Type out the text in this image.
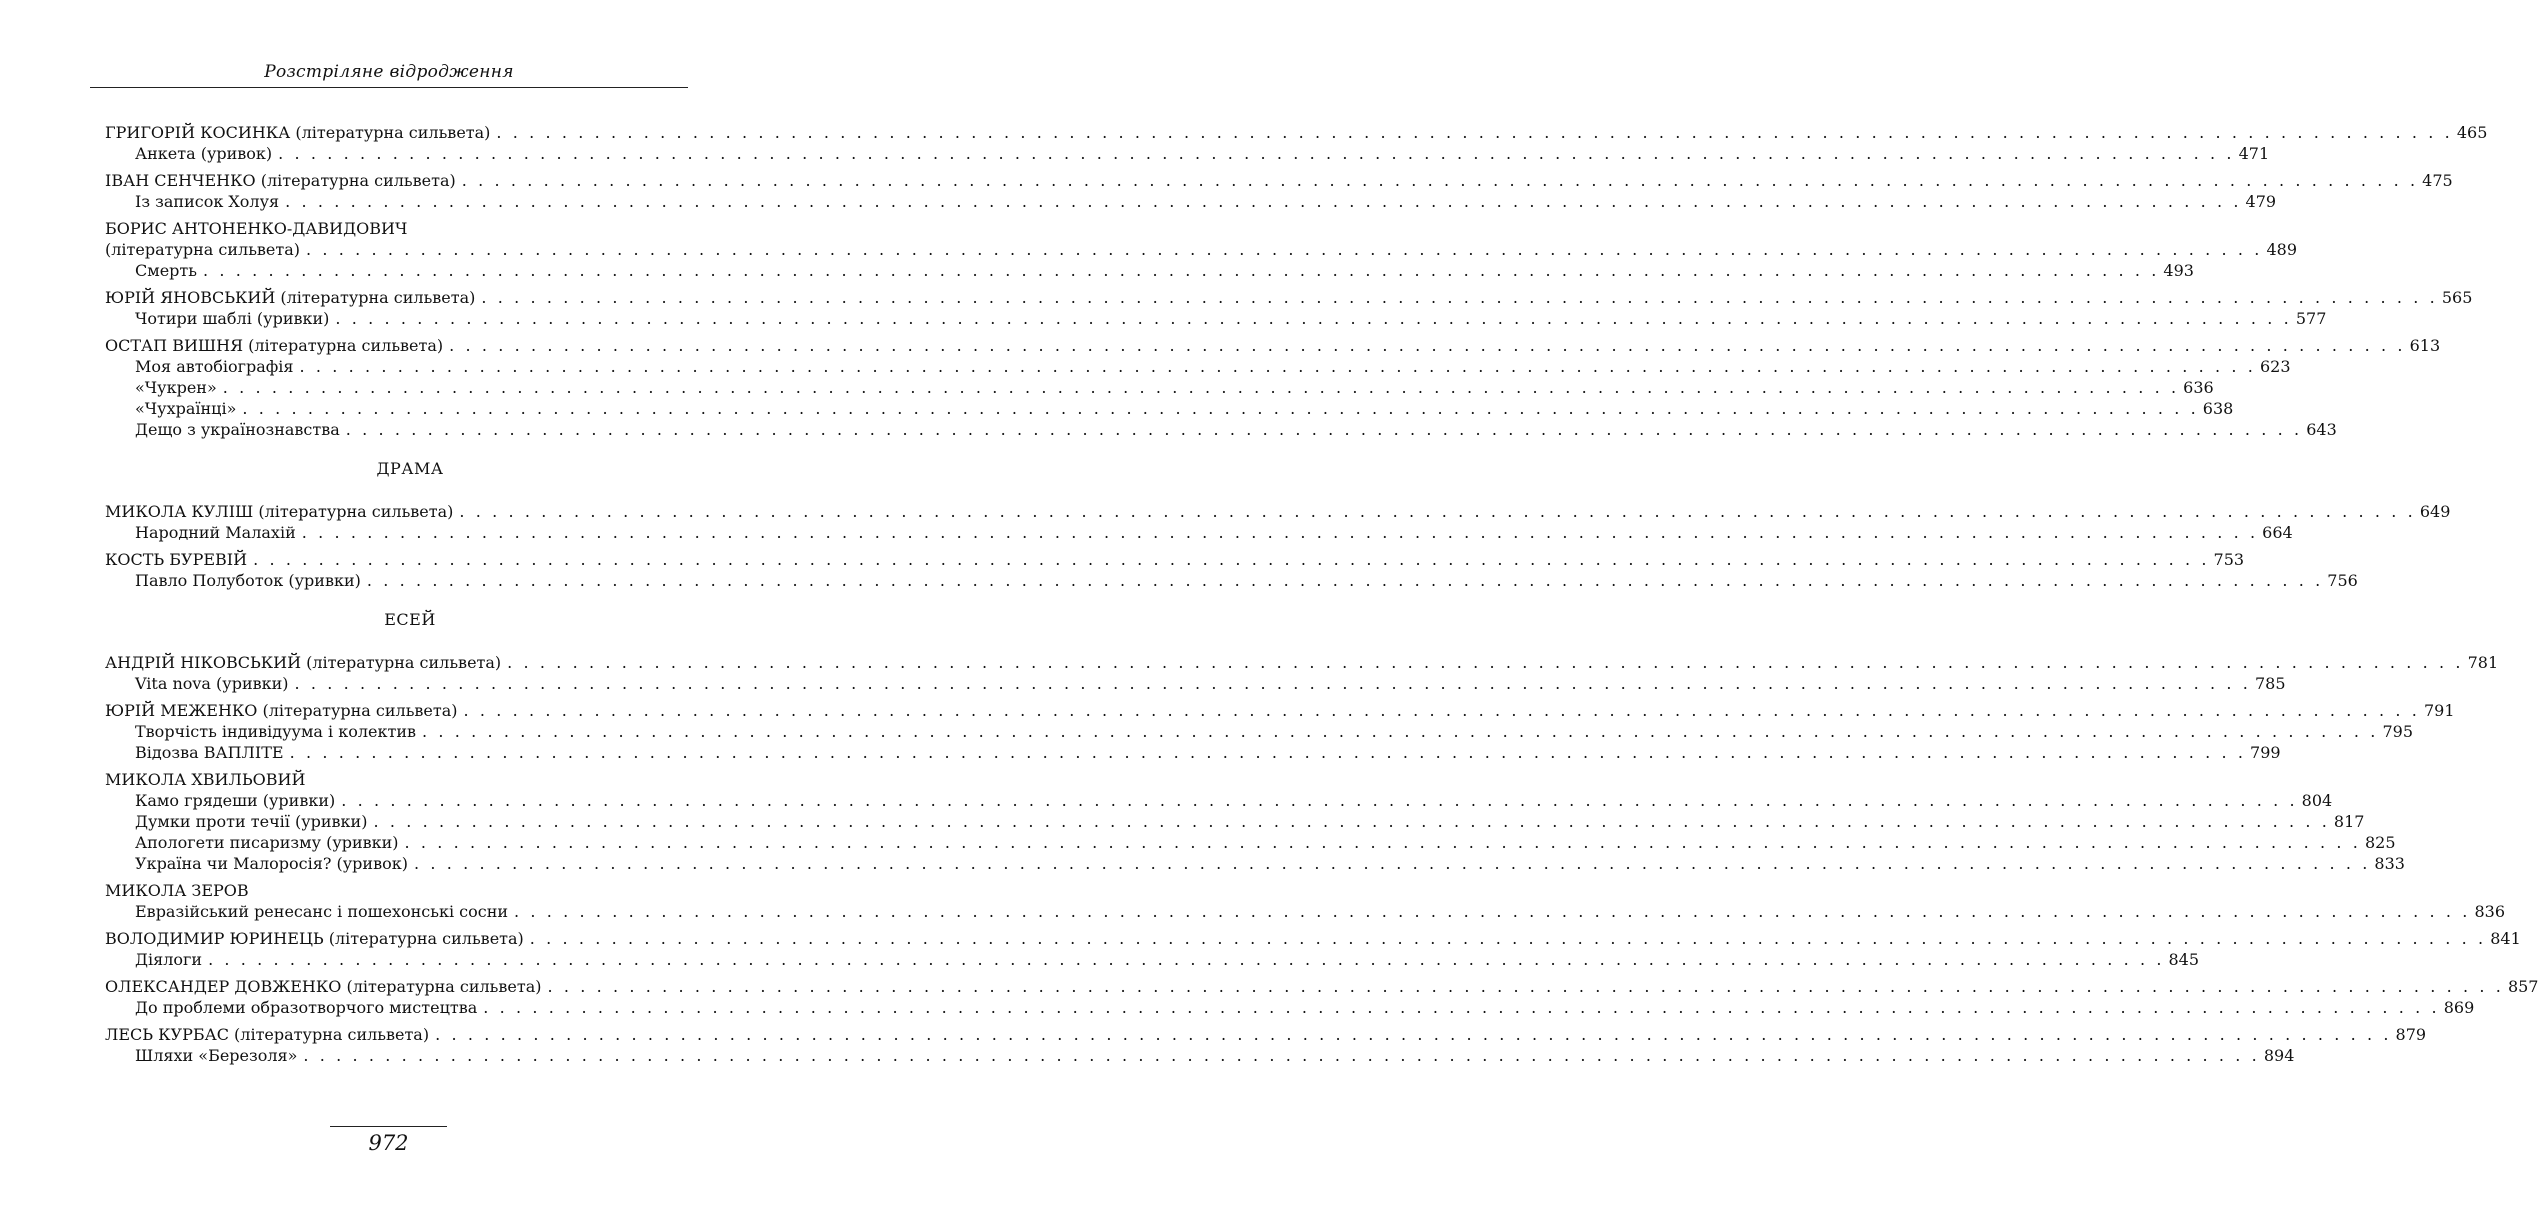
Розстріляне відродження
ГРИГОРІЙ КОСИНКА (літературна сильвета) . . . . . . . . . . . . . . . . . . . . . . . . . . . . . . . . . . . . . . . . . . . . . . . . . . . . . . . . . . . . . . . . . . . . . . . . . . . . . . . . . . . . . . . . . . . . . . . . . . . . . . . . . . . . . . . . . . . . . . . . 465
Анкета (уривок) . . . . . . . . . . . . . . . . . . . . . . . . . . . . . . . . . . . . . . . . . . . . . . . . . . . . . . . . . . . . . . . . . . . . . . . . . . . . . . . . . . . . . . . . . . . . . . . . . . . . . . . . . . . . . . . . . . . . . . . . 471
ІВАН СЕНЧЕНКО (літературна сильвета) . . . . . . . . . . . . . . . . . . . . . . . . . . . . . . . . . . . . . . . . . . . . . . . . . . . . . . . . . . . . . . . . . . . . . . . . . . . . . . . . . . . . . . . . . . . . . . . . . . . . . . . . . . . . . . . . . . . . . . . . 475
Із записок Холуя . . . . . . . . . . . . . . . . . . . . . . . . . . . . . . . . . . . . . . . . . . . . . . . . . . . . . . . . . . . . . . . . . . . . . . . . . . . . . . . . . . . . . . . . . . . . . . . . . . . . . . . . . . . . . . . . . . . . . . . . 479
БОРИС АНТОНЕНКО-ДАВИДОВИЧ
(літературна сильвета) . . . . . . . . . . . . . . . . . . . . . . . . . . . . . . . . . . . . . . . . . . . . . . . . . . . . . . . . . . . . . . . . . . . . . . . . . . . . . . . . . . . . . . . . . . . . . . . . . . . . . . . . . . . . . . . . . . . . . . . . 489
Смерть . . . . . . . . . . . . . . . . . . . . . . . . . . . . . . . . . . . . . . . . . . . . . . . . . . . . . . . . . . . . . . . . . . . . . . . . . . . . . . . . . . . . . . . . . . . . . . . . . . . . . . . . . . . . . . . . . . . . . . . . 493
ЮРІЙ ЯНОВСЬКИЙ (літературна сильвета) . . . . . . . . . . . . . . . . . . . . . . . . . . . . . . . . . . . . . . . . . . . . . . . . . . . . . . . . . . . . . . . . . . . . . . . . . . . . . . . . . . . . . . . . . . . . . . . . . . . . . . . . . . . . . . . . . . . . . . . . 565
Чотири шаблі (уривки) . . . . . . . . . . . . . . . . . . . . . . . . . . . . . . . . . . . . . . . . . . . . . . . . . . . . . . . . . . . . . . . . . . . . . . . . . . . . . . . . . . . . . . . . . . . . . . . . . . . . . . . . . . . . . . . . . . . . . . . . 577
ОСТАП ВИШНЯ (літературна сильвета) . . . . . . . . . . . . . . . . . . . . . . . . . . . . . . . . . . . . . . . . . . . . . . . . . . . . . . . . . . . . . . . . . . . . . . . . . . . . . . . . . . . . . . . . . . . . . . . . . . . . . . . . . . . . . . . . . . . . . . . . 613
Моя автобіографія . . . . . . . . . . . . . . . . . . . . . . . . . . . . . . . . . . . . . . . . . . . . . . . . . . . . . . . . . . . . . . . . . . . . . . . . . . . . . . . . . . . . . . . . . . . . . . . . . . . . . . . . . . . . . . . . . . . . . . . . 623
«Чукрен» . . . . . . . . . . . . . . . . . . . . . . . . . . . . . . . . . . . . . . . . . . . . . . . . . . . . . . . . . . . . . . . . . . . . . . . . . . . . . . . . . . . . . . . . . . . . . . . . . . . . . . . . . . . . . . . . . . . . . . . . 636
«Чухраїнці» . . . . . . . . . . . . . . . . . . . . . . . . . . . . . . . . . . . . . . . . . . . . . . . . . . . . . . . . . . . . . . . . . . . . . . . . . . . . . . . . . . . . . . . . . . . . . . . . . . . . . . . . . . . . . . . . . . . . . . . . 638
Дещо з українознавства . . . . . . . . . . . . . . . . . . . . . . . . . . . . . . . . . . . . . . . . . . . . . . . . . . . . . . . . . . . . . . . . . . . . . . . . . . . . . . . . . . . . . . . . . . . . . . . . . . . . . . . . . . . . . . . . . . . . . . . . 643
ДРАМА
МИКОЛА КУЛІШ (літературна сильвета) . . . . . . . . . . . . . . . . . . . . . . . . . . . . . . . . . . . . . . . . . . . . . . . . . . . . . . . . . . . . . . . . . . . . . . . . . . . . . . . . . . . . . . . . . . . . . . . . . . . . . . . . . . . . . . . . . . . . . . . . 649
Народний Малахій . . . . . . . . . . . . . . . . . . . . . . . . . . . . . . . . . . . . . . . . . . . . . . . . . . . . . . . . . . . . . . . . . . . . . . . . . . . . . . . . . . . . . . . . . . . . . . . . . . . . . . . . . . . . . . . . . . . . . . . . 664
КОСТЬ БУРЕВІЙ . . . . . . . . . . . . . . . . . . . . . . . . . . . . . . . . . . . . . . . . . . . . . . . . . . . . . . . . . . . . . . . . . . . . . . . . . . . . . . . . . . . . . . . . . . . . . . . . . . . . . . . . . . . . . . . . . . . . . . . . 753
Павло Полуботок (уривки) . . . . . . . . . . . . . . . . . . . . . . . . . . . . . . . . . . . . . . . . . . . . . . . . . . . . . . . . . . . . . . . . . . . . . . . . . . . . . . . . . . . . . . . . . . . . . . . . . . . . . . . . . . . . . . . . . . . . . . . . 756
ЕСЕЙ
АНДРІЙ НІКОВСЬКИЙ (літературна сильвета) . . . . . . . . . . . . . . . . . . . . . . . . . . . . . . . . . . . . . . . . . . . . . . . . . . . . . . . . . . . . . . . . . . . . . . . . . . . . . . . . . . . . . . . . . . . . . . . . . . . . . . . . . . . . . . . . . . . . . . . . 781
Vita nova (уривки) . . . . . . . . . . . . . . . . . . . . . . . . . . . . . . . . . . . . . . . . . . . . . . . . . . . . . . . . . . . . . . . . . . . . . . . . . . . . . . . . . . . . . . . . . . . . . . . . . . . . . . . . . . . . . . . . . . . . . . . . 785
ЮРІЙ МЕЖЕНКО (літературна сильвета) . . . . . . . . . . . . . . . . . . . . . . . . . . . . . . . . . . . . . . . . . . . . . . . . . . . . . . . . . . . . . . . . . . . . . . . . . . . . . . . . . . . . . . . . . . . . . . . . . . . . . . . . . . . . . . . . . . . . . . . . 791
Творчість індивідуума і колектив . . . . . . . . . . . . . . . . . . . . . . . . . . . . . . . . . . . . . . . . . . . . . . . . . . . . . . . . . . . . . . . . . . . . . . . . . . . . . . . . . . . . . . . . . . . . . . . . . . . . . . . . . . . . . . . . . . . . . . . . 795
Відозва ВАПЛІТЕ . . . . . . . . . . . . . . . . . . . . . . . . . . . . . . . . . . . . . . . . . . . . . . . . . . . . . . . . . . . . . . . . . . . . . . . . . . . . . . . . . . . . . . . . . . . . . . . . . . . . . . . . . . . . . . . . . . . . . . . . 799
МИКОЛА ХВИЛЬОВИЙ
Камо грядеши (уривки) . . . . . . . . . . . . . . . . . . . . . . . . . . . . . . . . . . . . . . . . . . . . . . . . . . . . . . . . . . . . . . . . . . . . . . . . . . . . . . . . . . . . . . . . . . . . . . . . . . . . . . . . . . . . . . . . . . . . . . . . 804
Думки проти течії (уривки) . . . . . . . . . . . . . . . . . . . . . . . . . . . . . . . . . . . . . . . . . . . . . . . . . . . . . . . . . . . . . . . . . . . . . . . . . . . . . . . . . . . . . . . . . . . . . . . . . . . . . . . . . . . . . . . . . . . . . . . . 817
Апологети писаризму (уривки) . . . . . . . . . . . . . . . . . . . . . . . . . . . . . . . . . . . . . . . . . . . . . . . . . . . . . . . . . . . . . . . . . . . . . . . . . . . . . . . . . . . . . . . . . . . . . . . . . . . . . . . . . . . . . . . . . . . . . . . . 825
Україна чи Малоросія? (уривок) . . . . . . . . . . . . . . . . . . . . . . . . . . . . . . . . . . . . . . . . . . . . . . . . . . . . . . . . . . . . . . . . . . . . . . . . . . . . . . . . . . . . . . . . . . . . . . . . . . . . . . . . . . . . . . . . . . . . . . . . 833
МИКОЛА ЗЕРОВ
Евразійський ренесанс і пошехонські сосни . . . . . . . . . . . . . . . . . . . . . . . . . . . . . . . . . . . . . . . . . . . . . . . . . . . . . . . . . . . . . . . . . . . . . . . . . . . . . . . . . . . . . . . . . . . . . . . . . . . . . . . . . . . . . . . . . . . . . . . . 836
ВОЛОДИМИР ЮРИНЕЦЬ (літературна сильвета) . . . . . . . . . . . . . . . . . . . . . . . . . . . . . . . . . . . . . . . . . . . . . . . . . . . . . . . . . . . . . . . . . . . . . . . . . . . . . . . . . . . . . . . . . . . . . . . . . . . . . . . . . . . . . . . . . . . . . . . . 841
Діялоги . . . . . . . . . . . . . . . . . . . . . . . . . . . . . . . . . . . . . . . . . . . . . . . . . . . . . . . . . . . . . . . . . . . . . . . . . . . . . . . . . . . . . . . . . . . . . . . . . . . . . . . . . . . . . . . . . . . . . . . . 845
ОЛЕКСАНДЕР ДОВЖЕНКО (літературна сильвета) . . . . . . . . . . . . . . . . . . . . . . . . . . . . . . . . . . . . . . . . . . . . . . . . . . . . . . . . . . . . . . . . . . . . . . . . . . . . . . . . . . . . . . . . . . . . . . . . . . . . . . . . . . . . . . . . . . . . . . . . 857
До проблеми образотворчого мистецтва . . . . . . . . . . . . . . . . . . . . . . . . . . . . . . . . . . . . . . . . . . . . . . . . . . . . . . . . . . . . . . . . . . . . . . . . . . . . . . . . . . . . . . . . . . . . . . . . . . . . . . . . . . . . . . . . . . . . . . . . 869
ЛЕСЬ КУРБАС (літературна сильвета) . . . . . . . . . . . . . . . . . . . . . . . . . . . . . . . . . . . . . . . . . . . . . . . . . . . . . . . . . . . . . . . . . . . . . . . . . . . . . . . . . . . . . . . . . . . . . . . . . . . . . . . . . . . . . . . . . . . . . . . . 879
Шляхи «Березоля» . . . . . . . . . . . . . . . . . . . . . . . . . . . . . . . . . . . . . . . . . . . . . . . . . . . . . . . . . . . . . . . . . . . . . . . . . . . . . . . . . . . . . . . . . . . . . . . . . . . . . . . . . . . . . . . . . . . . . . . . 894
972
